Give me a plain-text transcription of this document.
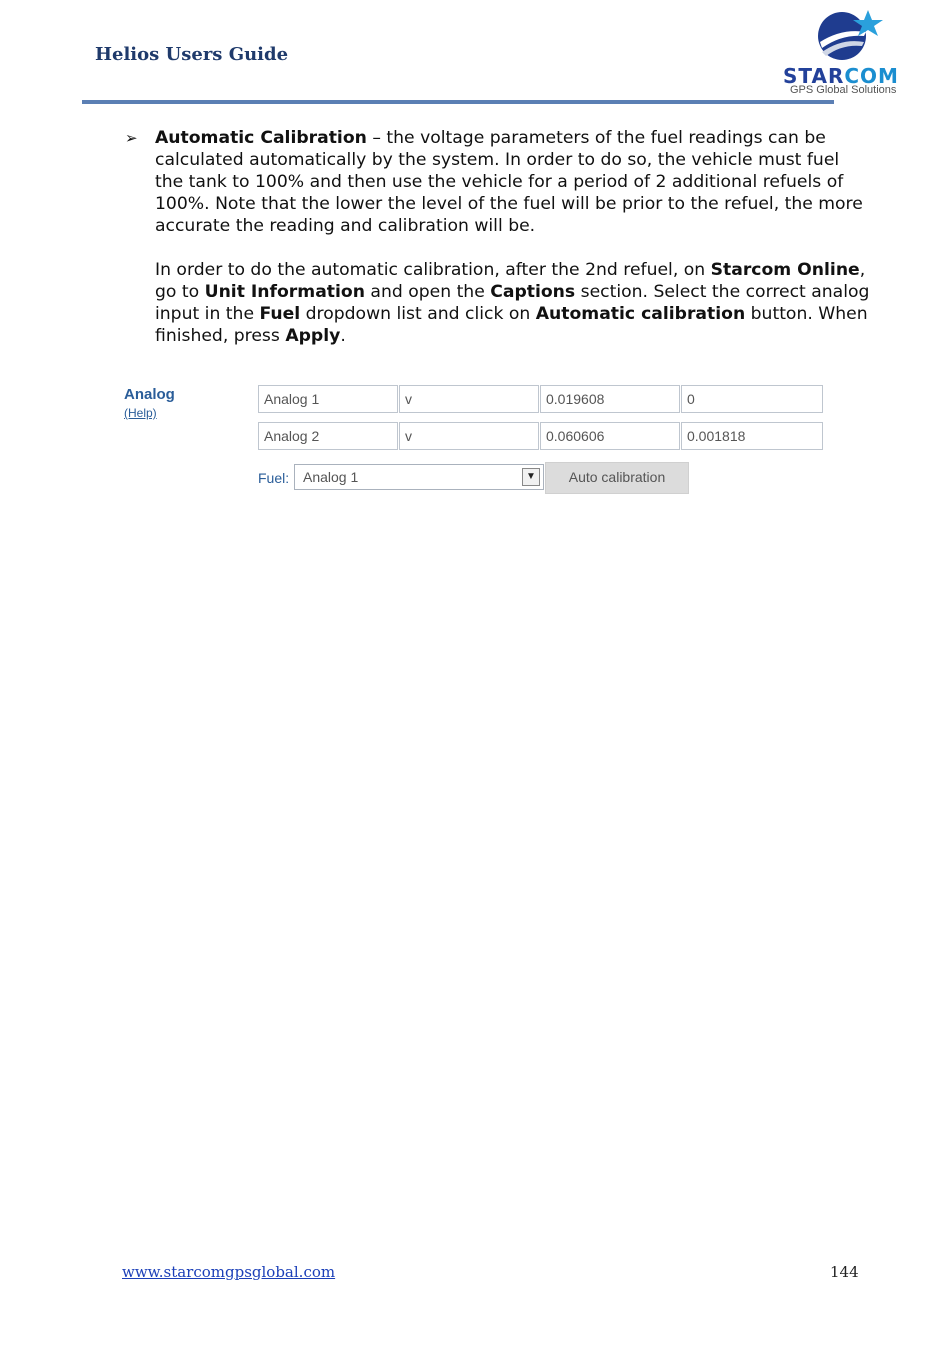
Helios Users Guide
STARCOM
GPS Global Solutions
➢ Automatic Calibration – the voltage parameters of the fuel readings can be calculated automatically by the system. In order to do so, the vehicle must fuel the tank to 100% and then use the vehicle for a period of 2 additional refuels of 100%. Note that the lower the level of the fuel will be prior to the refuel, the more accurate the reading and calibration will be.
In order to do the automatic calibration, after the 2nd refuel, on Starcom Online, go to Unit Information and open the Captions section. Select the correct analog input in the Fuel dropdown list and click on Automatic calibration button. When finished, press Apply.
Analog
(Help)
Analog 1	v	0.019608	0
Analog 2	v	0.060606	0.001818
Fuel: Analog 1	▼	Auto calibration
www.starcomgpsglobal.com	144
